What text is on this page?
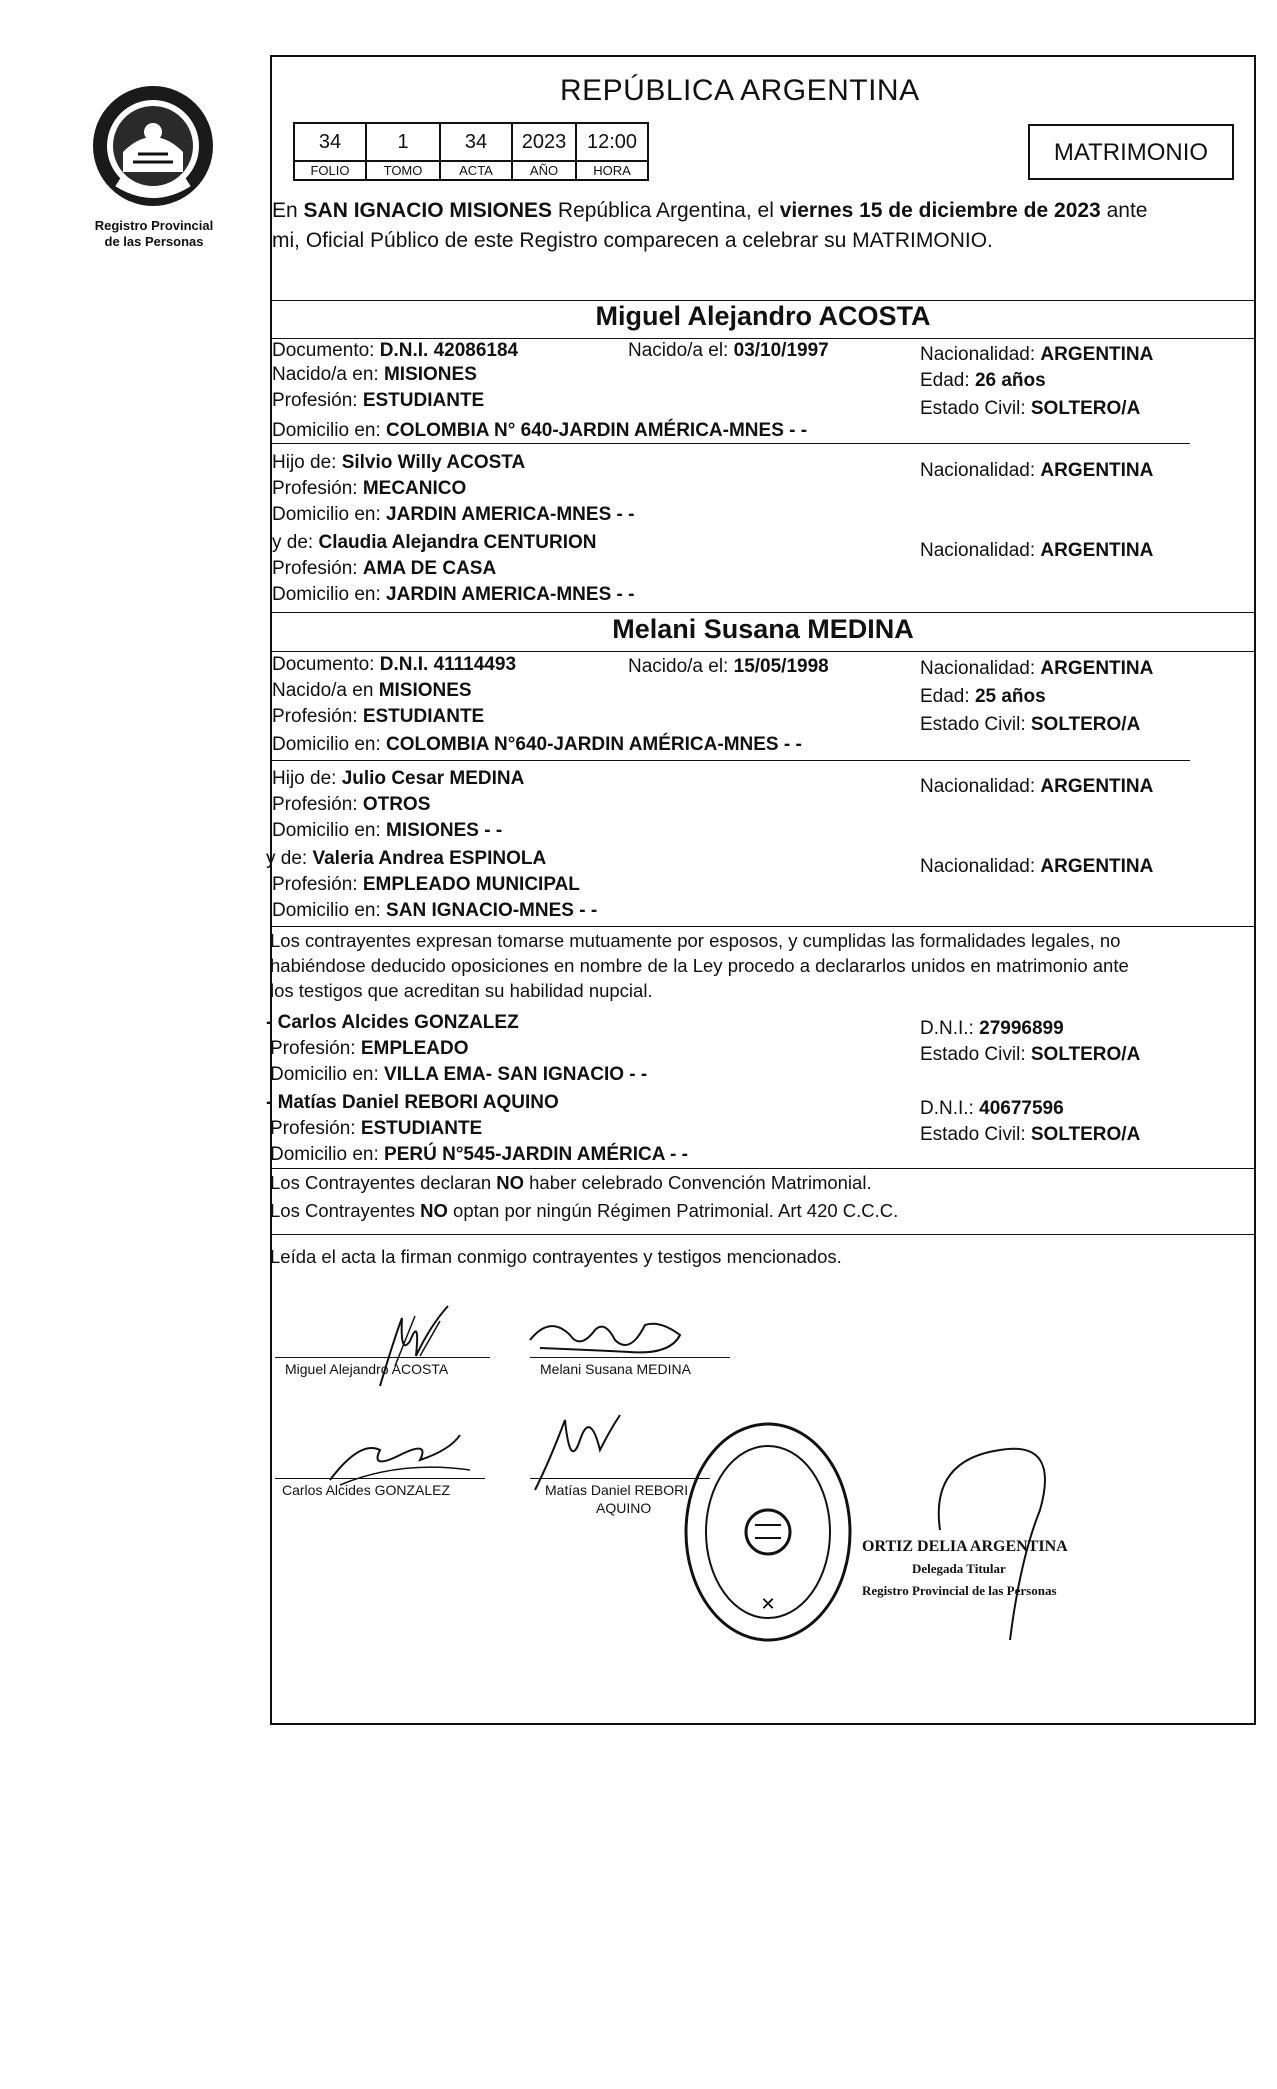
Registro Provincial
de las Personas
REPÚBLICA ARGENTINA
34	1	34	2023	12:00
FOLIO	TOMO	ACTA	AÑO	HORA
MATRIMONIO
En SAN IGNACIO MISIONES República Argentina, el viernes 15 de diciembre de 2023 ante
mi, Oficial Público de este Registro comparecen a celebrar su MATRIMONIO.
Miguel Alejandro ACOSTA
Documento: D.N.I. 42086184	Nacido/a el: 03/10/1997	Nacionalidad: ARGENTINA
Nacido/a en: MISIONES	Edad: 26 años
Profesión: ESTUDIANTE	Estado Civil: SOLTERO/A
Domicilio en: COLOMBIA N° 640-JARDIN AMÉRICA-MNES - -
Hijo de: Silvio Willy ACOSTA	Nacionalidad: ARGENTINA
Profesión: MECANICO
Domicilio en: JARDIN AMERICA-MNES - -
y de: Claudia Alejandra CENTURION	Nacionalidad: ARGENTINA
Profesión: AMA DE CASA
Domicilio en: JARDIN AMERICA-MNES - -
Melani Susana MEDINA
Documento: D.N.I. 41114493	Nacido/a el: 15/05/1998	Nacionalidad: ARGENTINA
Nacido/a en MISIONES	Edad: 25 años
Profesión: ESTUDIANTE	Estado Civil: SOLTERO/A
Domicilio en: COLOMBIA N°640-JARDIN AMÉRICA-MNES - -
Hijo de: Julio Cesar MEDINA	Nacionalidad: ARGENTINA
Profesión: OTROS
Domicilio en: MISIONES - -
y de: Valeria Andrea ESPINOLA	Nacionalidad: ARGENTINA
Profesión: EMPLEADO MUNICIPAL
Domicilio en: SAN IGNACIO-MNES - -
Los contrayentes expresan tomarse mutuamente por esposos, y cumplidas las formalidades legales, no
habiéndose deducido oposiciones en nombre de la Ley procedo a declararlos unidos en matrimonio ante
los testigos que acreditan su habilidad nupcial.
- Carlos Alcides GONZALEZ	D.N.I.: 27996899
Profesión: EMPLEADO	Estado Civil: SOLTERO/A
Domicilio en: VILLA EMA- SAN IGNACIO - -
- Matías Daniel REBORI AQUINO	D.N.I.: 40677596
Profesión: ESTUDIANTE	Estado Civil: SOLTERO/A
Domicilio en: PERÚ N°545-JARDIN AMÉRICA - -
Los Contrayentes declaran NO haber celebrado Convención Matrimonial.
Los Contrayentes NO optan por ningún Régimen Patrimonial. Art 420 C.C.C.
Leída el acta la firman conmigo contrayentes y testigos mencionados.
Miguel Alejandro ACOSTA	Melani Susana MEDINA
Carlos Alcides GONZALEZ	Matías Daniel REBORI
AQUINO
✕
ORTIZ DELIA ARGENTINA
Delegada Titular
Registro Provincial de las Personas
